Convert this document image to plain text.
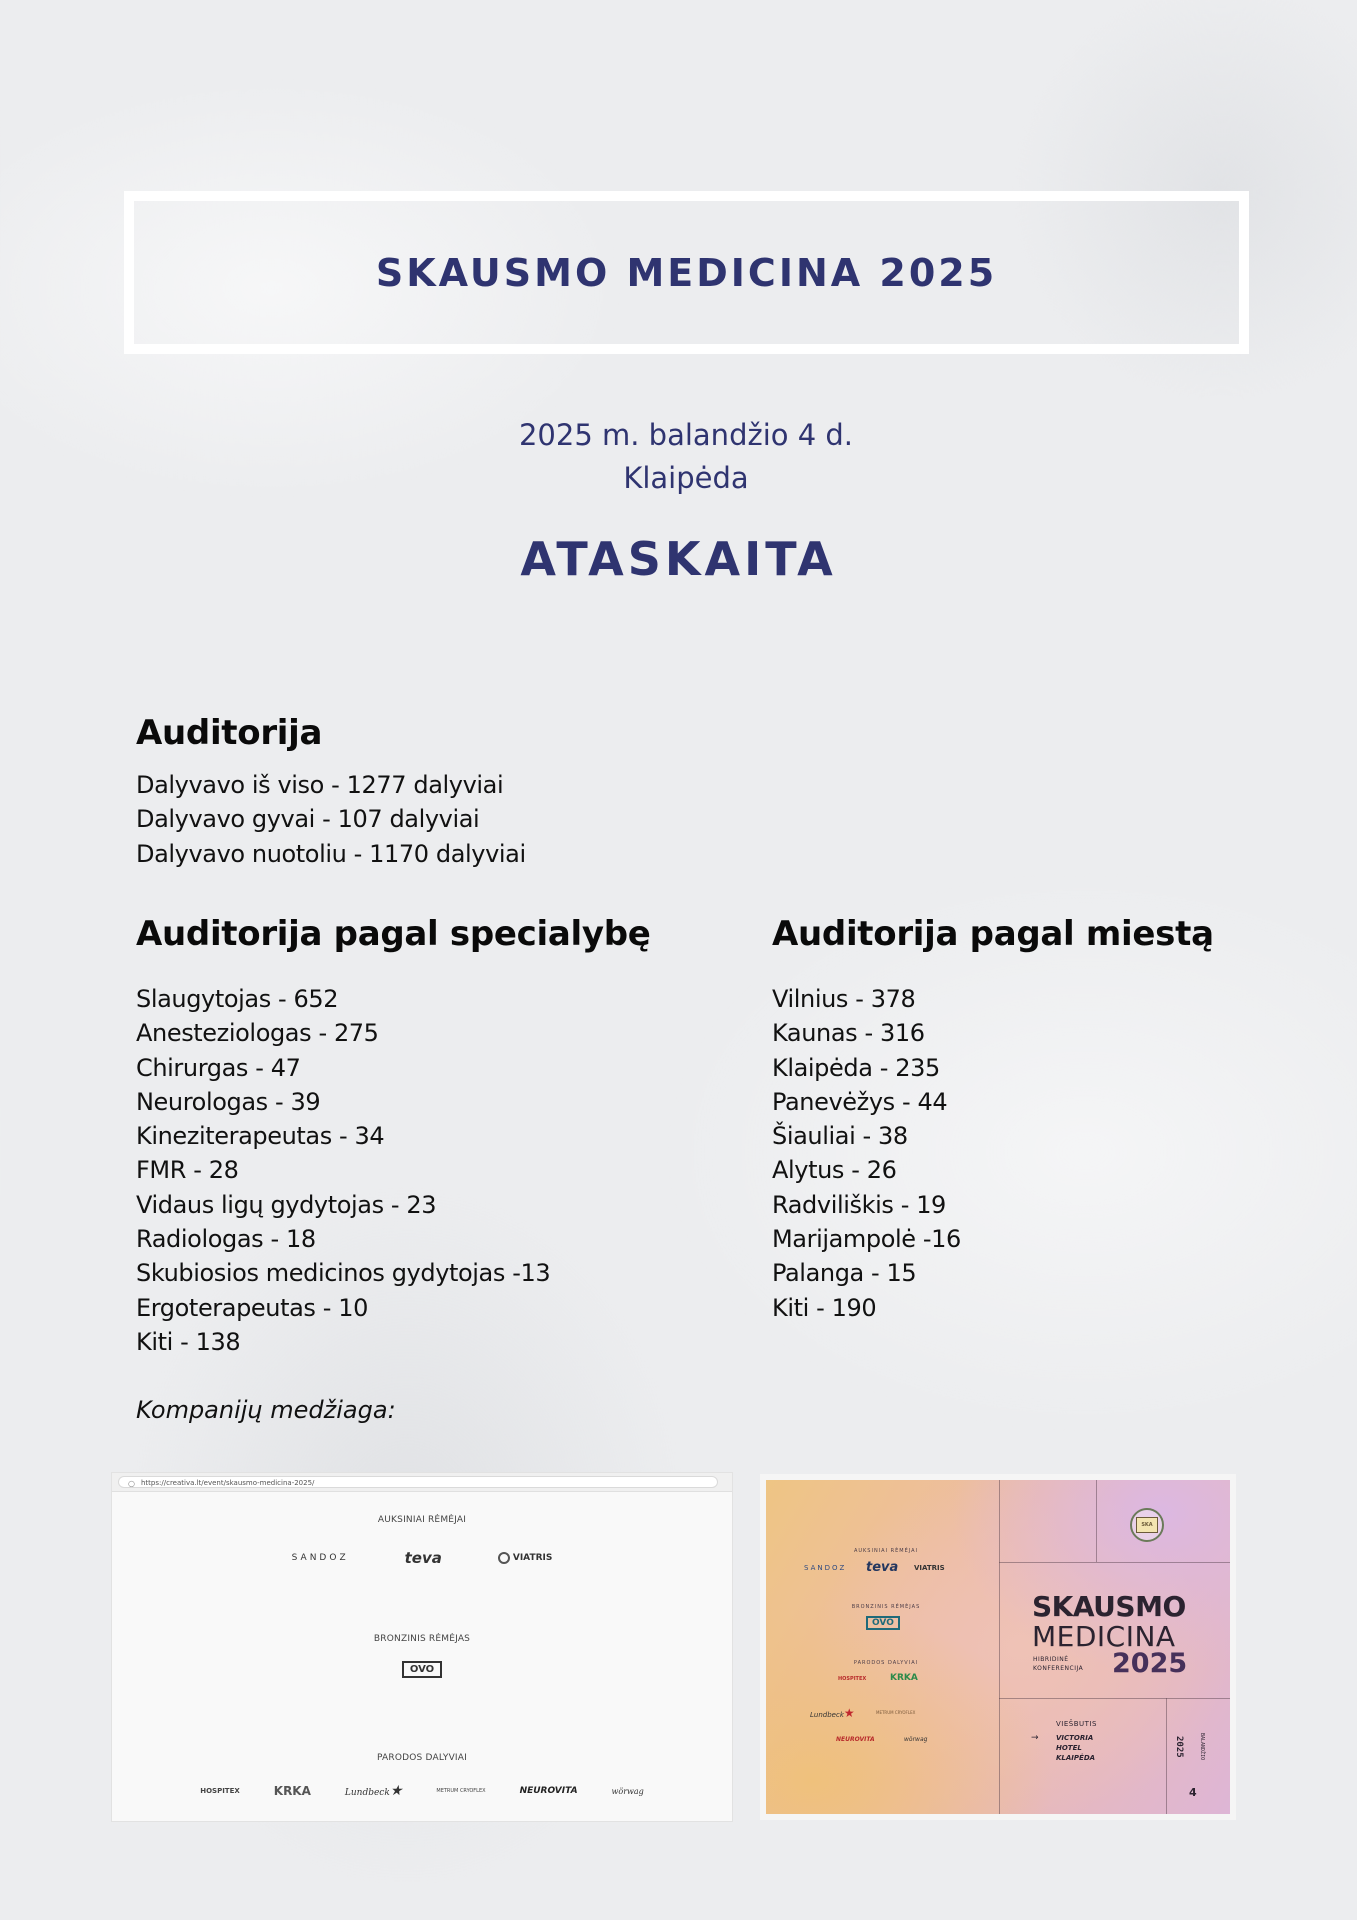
SKAUSMO MEDICINA 2025
2025 m. balandžio 4 d.
Klaipėda
ATASKAITA
Auditorija
Dalyvavo iš viso - 1277 dalyviai
Dalyvavo gyvai - 107 dalyviai
Dalyvavo nuotoliu - 1170 dalyviai
Auditorija pagal specialybę
Slaugytojas - 652
Anesteziologas - 275
Chirurgas - 47
Neurologas - 39
Kineziterapeutas - 34
FMR - 28
Vidaus ligų gydytojas - 23
Radiologas - 18
Skubiosios medicinos gydytojas -13
Ergoterapeutas - 10
Kiti - 138
Auditorija pagal miestą
Vilnius - 378
Kaunas - 316
Klaipėda - 235
Panevėžys - 44
Šiauliai - 38
Alytus - 26
Radviliškis - 19
Marijampolė -16
Palanga - 15
Kiti - 190
Kompanijų medžiaga:
○ https://creativa.lt/event/skausmo-medicina-2025/
AUKSINIAI RĖMĖJAI
SANDOZ	teva	VIATRIS
BRONZINIS RĖMĖJAS
OVO
PARODOS DALYVIAI
HOSPITEX	KRKA	Lundbeck★	METRUM CRYOFLEX	NEUROVITA	wörwag
AUKSINIAI RĖMĖJAI
SANDOZ teva VIATRIS
BRONZINIS RĖMĖJAS
OVO
PARODOS DALYVIAI
HOSPITEX	KRKA
Lundbeck★	METRUM CRYOFLEX
NEUROVITA	wörwag
SKA
SKAUSMO
MEDICINA
HIBRIDINĖ
KONFERENCIJA 2025
VIEŠBUTIS
→ VICTORIA
HOTEL
KLAIPĖDA
2025	BALANDŽIO
4
